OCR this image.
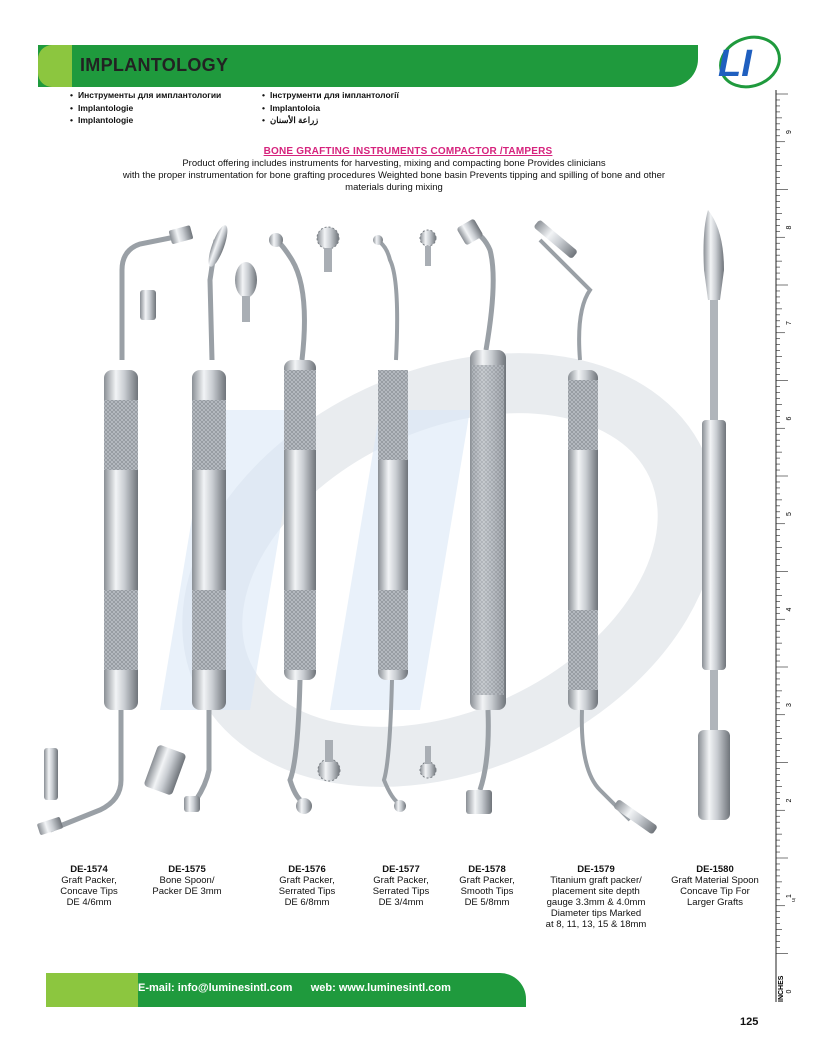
IMPLANTOLOGY	LI
• Инструменты для имплантологии
• Implantologie
• Implantologie
• Інструменти для імплантології
• Implantoloia
• زراعة الأسنان
BONE GRAFTING INSTRUMENTS COMPACTOR /TAMPERS
Product offering includes instruments for harvesting, mixing and compacting bone Provides clinicians
with the proper instrumentation for bone grafting procedures Weighted bone basin Prevents tipping and spilling of bone and other
materials during mixing
DE-1574
Graft Packer,
Concave Tips
DE 4/6mm
DE-1575
Bone Spoon/
Packer DE 3mm
DE-1576
Graft Packer,
Serrated Tips
DE 6/8mm
DE-1577
Graft Packer,
Serrated Tips
DE 3/4mm
DE-1578
Graft Packer,
Smooth Tips
DE 5/8mm
DE-1579
Titanium graft packer/
placement site depth
gauge 3.3mm & 4.0mm
Diameter tips Marked
at 8, 11, 13, 15 & 18mm
DE-1580
Graft Material Spoon
Concave Tip For
Larger Grafts
9
8
7
6
5
4
3
2
1
0
INCHES
in
E-mail: info@luminesintl.com web: www.luminesintl.com
125
